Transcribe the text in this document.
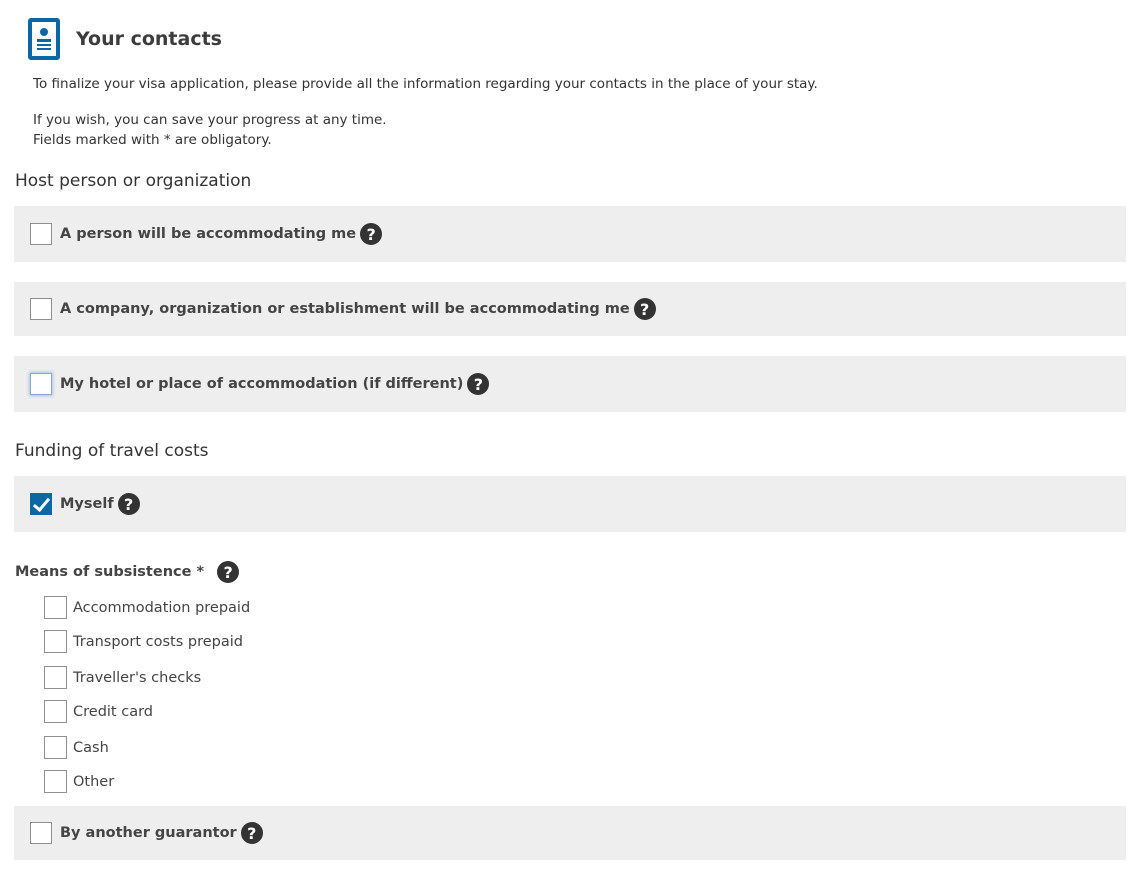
Your contacts
To finalize your visa application, please provide all the information regarding your contacts in the place of your stay.
If you wish, you can save your progress at any time.
Fields marked with * are obligatory.
Host person or organization
A person will be accommodating me ?
A company, organization or establishment will be accommodating me ?
My hotel or place of accommodation (if different) ?
Funding of travel costs
Myself ?
Means of subsistence *	?
Accommodation prepaid
Transport costs prepaid
Traveller's checks
Credit card
Cash
Other
By another guarantor ?
